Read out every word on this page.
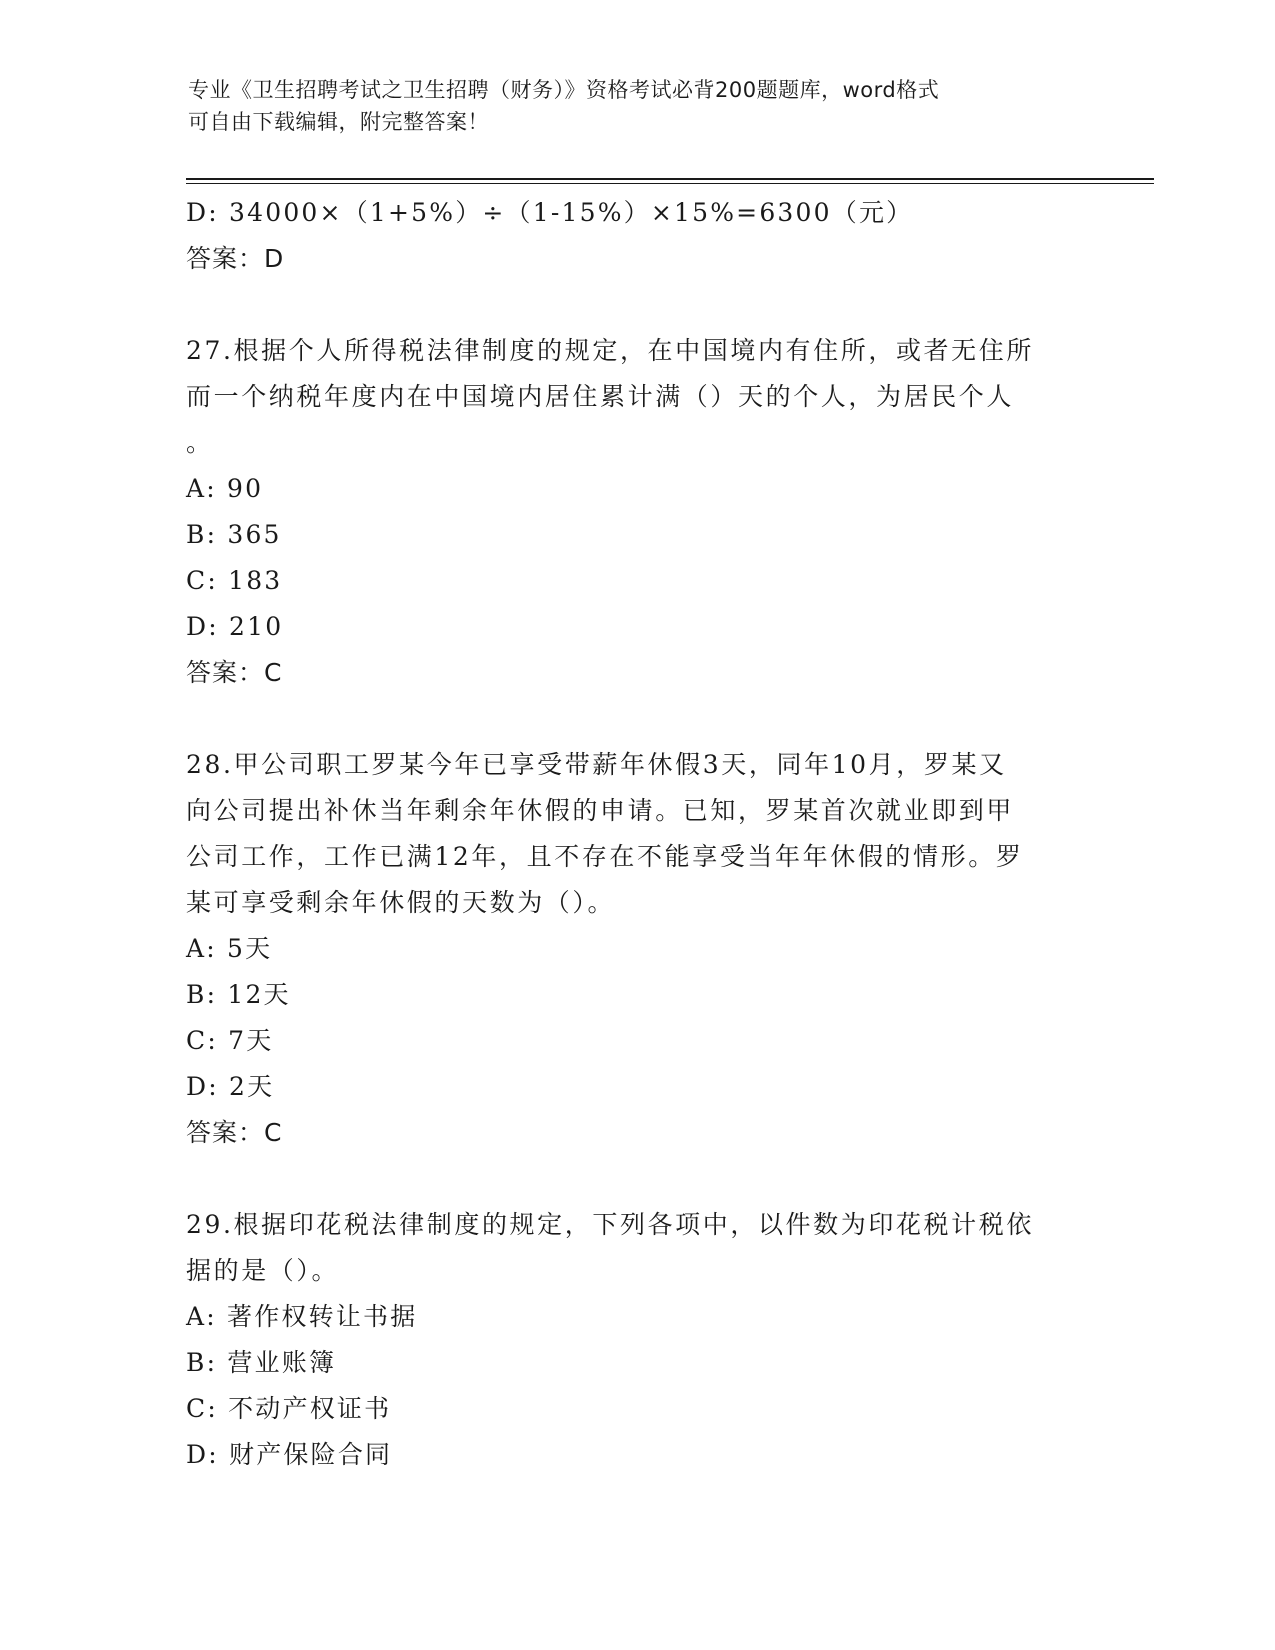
专业《卫生招聘考试之卫生招聘（财务）》资格考试必背200题题库，word格式
可自由下载编辑，附完整答案！
D: 34000×（1+5%）÷（1-15%）×15%=6300（元）
答案：D
27.根据个人所得税法律制度的规定，在中国境内有住所，或者无住所
而一个纳税年度内在中国境内居住累计满（）天的个人，为居民个人
。
A: 90
B: 365
C: 183
D: 210
答案：C
28.甲公司职工罗某今年已享受带薪年休假3天，同年10月，罗某又
向公司提出补休当年剩余年休假的申请。已知，罗某首次就业即到甲
公司工作，工作已满12年，且不存在不能享受当年年休假的情形。罗
某可享受剩余年休假的天数为（）。
A: 5天
B: 12天
C: 7天
D: 2天
答案：C
29.根据印花税法律制度的规定，下列各项中，以件数为印花税计税依
据的是（）。
A: 著作权转让书据
B: 营业账簿
C: 不动产权证书
D: 财产保险合同
